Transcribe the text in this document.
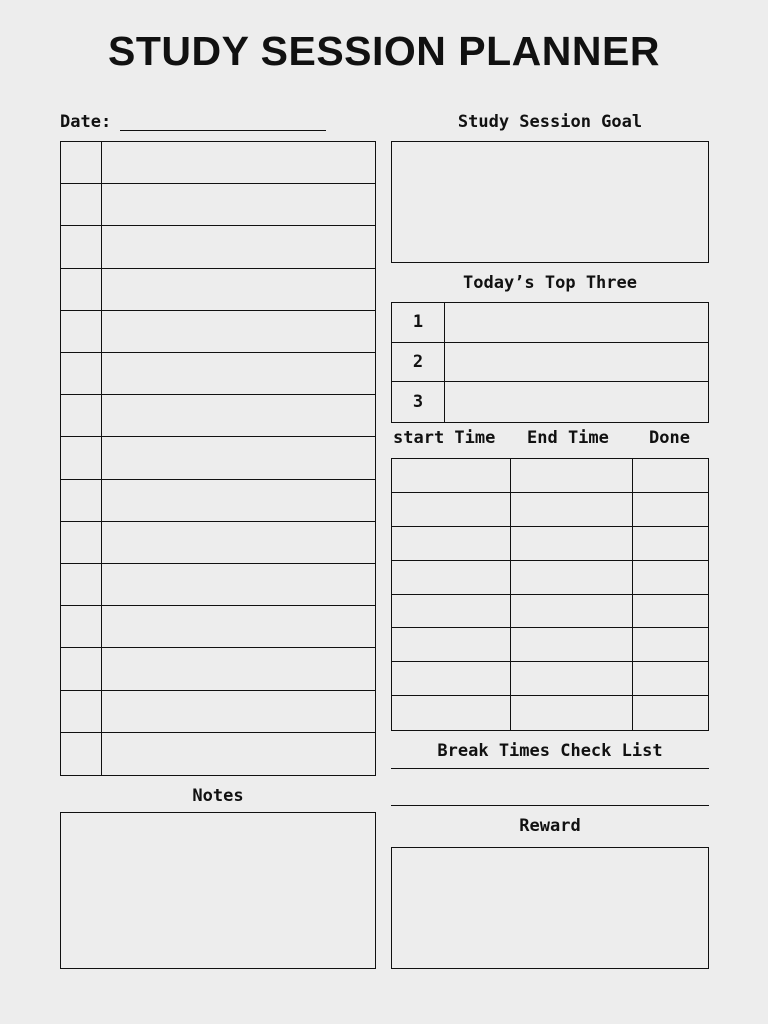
STUDY SESSION PLANNER
Date:
Notes
Study Session Goal
Today’s Top Three
1
2
3
start Time End Time Done
Break Times Check List
Reward
